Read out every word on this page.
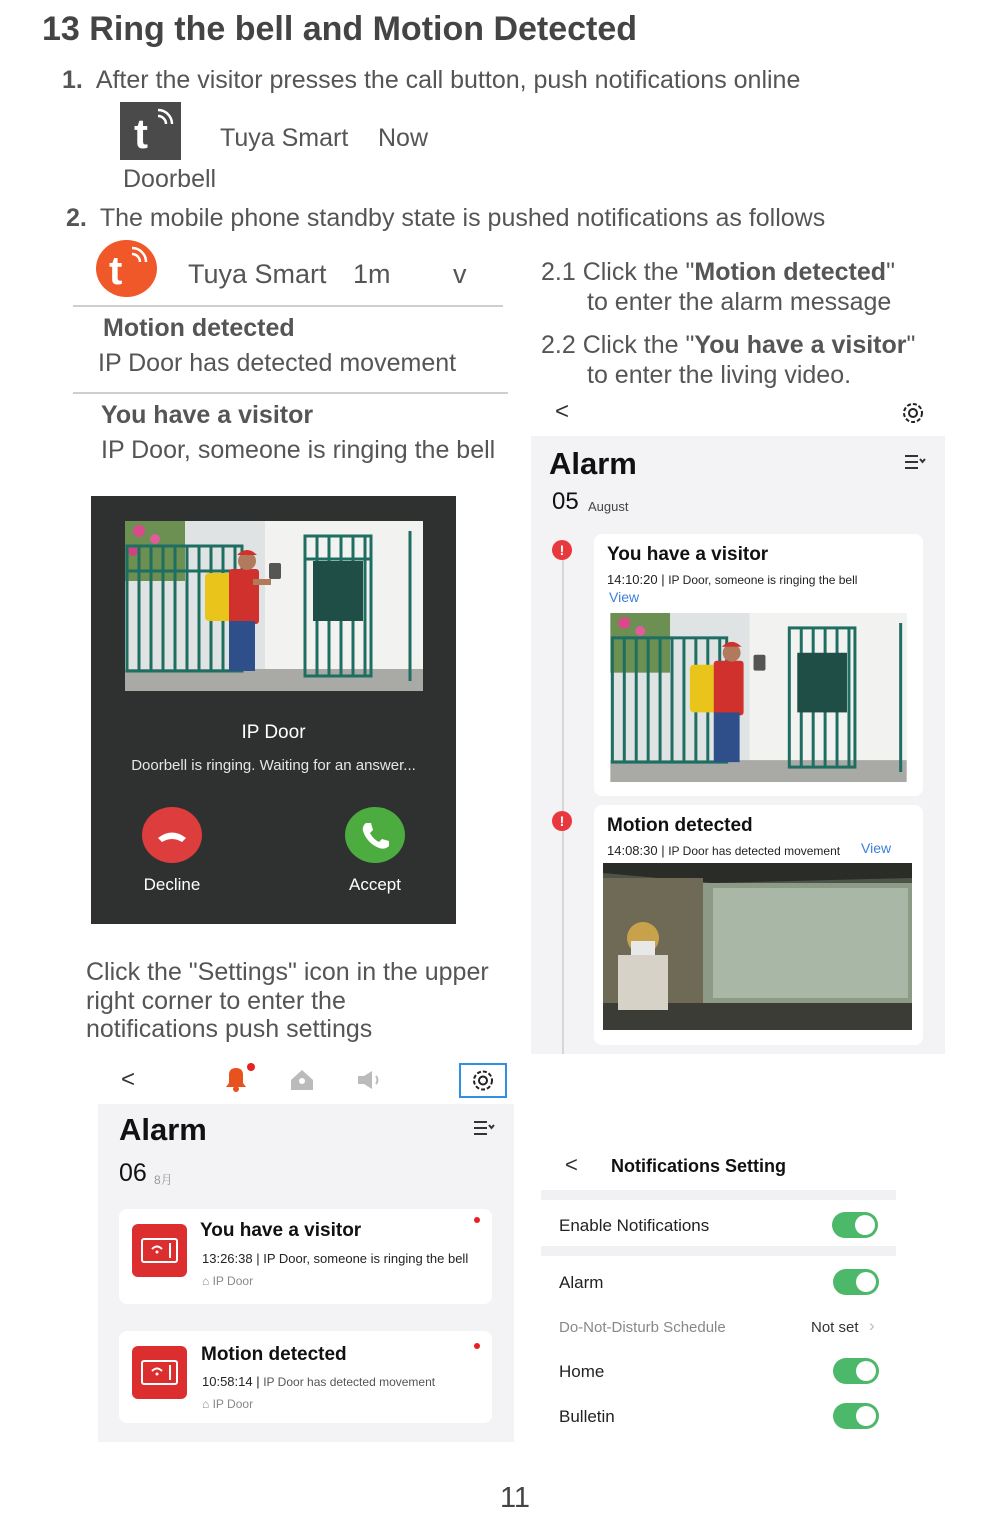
13 Ring the bell and Motion Detected
1. After the visitor presses the call button, push notifications online
t	Tuya Smart Now
Doorbell
2. The mobile phone standby state is pushed notifications as follows
t Tuya Smart 1m v
Motion detected
IP Door has detected movement
You have a visitor
IP Door, someone is ringing the bell
2.1 Click the "Motion detected"
to enter the alarm message
2.2 Click the "You have a visitor"
to enter the living video.
IP Door
Doorbell is ringing. Waiting for an answer...
Decline	Accept
<
Alarm
05 August
!
!
You have a visitor
14:10:20 | IP Door, someone is ringing the bell
View
Motion detected
14:08:30 | IP Door has detected movement View
Click the "Settings" icon in the upper
right corner to enter the
notifications push settings
<
Alarm
06 8月
You have a visitor
13:26:38 | IP Door, someone is ringing the bell
⌂ IP Door
Motion detected
10:58:14 | IP Door has detected movement
⌂ IP Door
< Notifications Setting
Enable Notifications
Alarm
Do-Not-Disturb Schedule	Not set ›
Home
Bulletin
11
